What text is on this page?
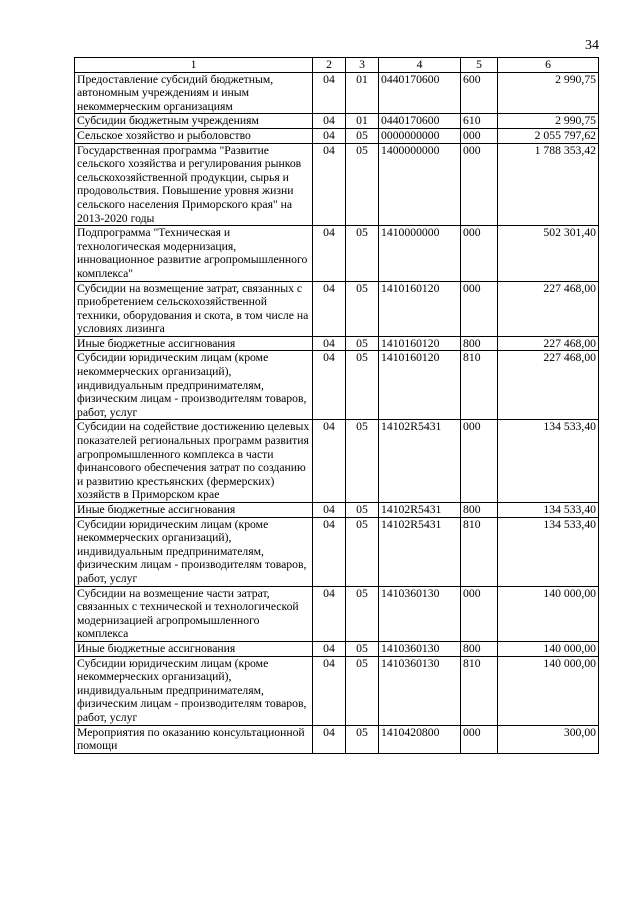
34
1	2	3	4	5	6
Предоставление субсидий бюджетным, автономным учреждениям и иным некоммерческим организациям	04	01	0440170600	600	2 990,75
Субсидии бюджетным учреждениям	04	01	0440170600	610	2 990,75
Сельское хозяйство и рыболовство	04	05	0000000000	000	2 055 797,62
Государственная программа "Развитие сельского хозяйства и регулирования рынков сельскохозяйственной продукции, сырья и продовольствия. Повышение уровня жизни сельского населения Приморского края" на 2013-2020 годы	04	05	1400000000	000	1 788 353,42
Подпрограмма "Техническая и технологическая модернизация, инновационное развитие агропромышленного комплекса"	04	05	1410000000	000	502 301,40
Субсидии на возмещение затрат, связанных с приобретением сельскохозяйственной техники, оборудования и скота, в том числе на условиях лизинга	04	05	1410160120	000	227 468,00
Иные бюджетные ассигнования	04	05	1410160120	800	227 468,00
Субсидии юридическим лицам (кроме некоммерческих организаций), индивидуальным предпринимателям, физическим лицам - производителям товаров, работ, услуг	04	05	1410160120	810	227 468,00
Субсидии на содействие достижению целевых показателей региональных программ развития агропромышленного комплекса в части финансового обеспечения затрат по созданию и развитию крестьянских (фермерских) хозяйств в Приморском крае	04	05	14102R5431	000	134 533,40
Иные бюджетные ассигнования	04	05	14102R5431	800	134 533,40
Субсидии юридическим лицам (кроме некоммерческих организаций), индивидуальным предпринимателям, физическим лицам - производителям товаров, работ, услуг	04	05	14102R5431	810	134 533,40
Субсидии на возмещение части затрат, связанных с технической и технологической модернизацией агропромышленного комплекса	04	05	1410360130	000	140 000,00
Иные бюджетные ассигнования	04	05	1410360130	800	140 000,00
Субсидии юридическим лицам (кроме некоммерческих организаций), индивидуальным предпринимателям, физическим лицам - производителям товаров, работ, услуг	04	05	1410360130	810	140 000,00
Мероприятия по оказанию консультационной помощи	04	05	1410420800	000	300,00
